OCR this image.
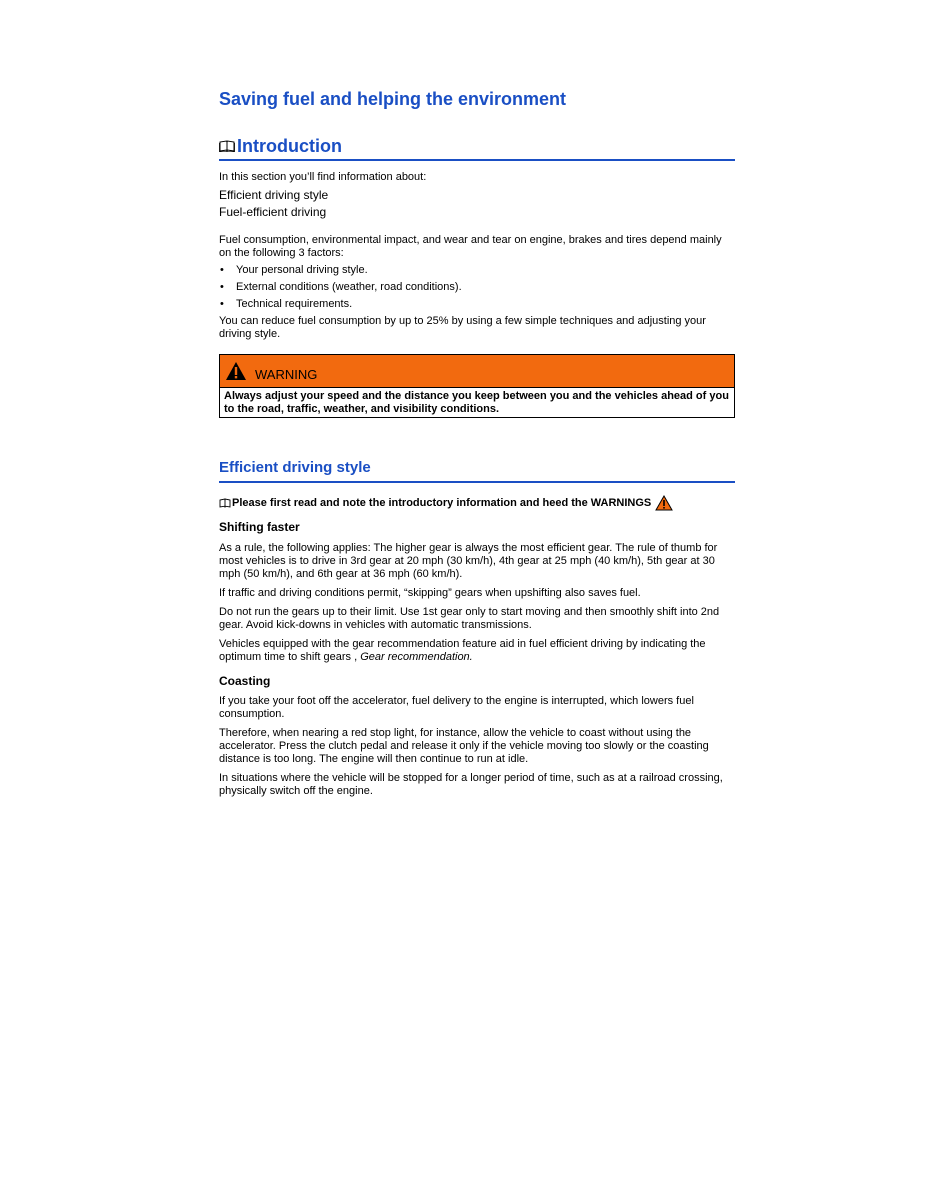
Saving fuel and helping the environment
Introduction

In this section you’ll find information about:

Efficient driving style
Fuel-efficient driving

Fuel consumption, environmental impact, and wear and tear on engine, brakes and tires depend mainly on the following 3 factors:

• Your personal driving style.
• External conditions (weather, road conditions).
• Technical requirements.

You can reduce fuel consumption by up to 25% by using a few simple techniques and adjusting your driving style.

WARNING
Always adjust your speed and the distance you keep between you and the vehicles ahead of you to the road, traffic, weather, and visibility conditions.
Efficient driving style
Please first read and note the introductory information and heed the WARNINGS
Shifting faster

As a rule, the following applies: The higher gear is always the most efficient gear. The rule of thumb for most vehicles is to drive in 3rd gear at 20 mph (30 km/h), 4th gear at 25 mph (40 km/h), 5th gear at 30 mph (50 km/h), and 6th gear at 36 mph (60 km/h).

If traffic and driving conditions permit, “skipping” gears when upshifting also saves fuel.

Do not run the gears up to their limit. Use 1st gear only to start moving and then smoothly shift into 2nd gear. Avoid kick-downs in vehicles with automatic transmissions.

Vehicles equipped with the gear recommendation feature aid in fuel efficient driving by indicating the optimum time to shift gears , Gear recommendation.

Coasting

If you take your foot off the accelerator, fuel delivery to the engine is interrupted, which lowers fuel consumption.

Therefore, when nearing a red stop light, for instance, allow the vehicle to coast without using the accelerator. Press the clutch pedal and release it only if the vehicle moving too slowly or the coasting distance is too long. The engine will then continue to run at idle.

In situations where the vehicle will be stopped for a longer period of time, such as at a railroad crossing, physically switch off the engine.
